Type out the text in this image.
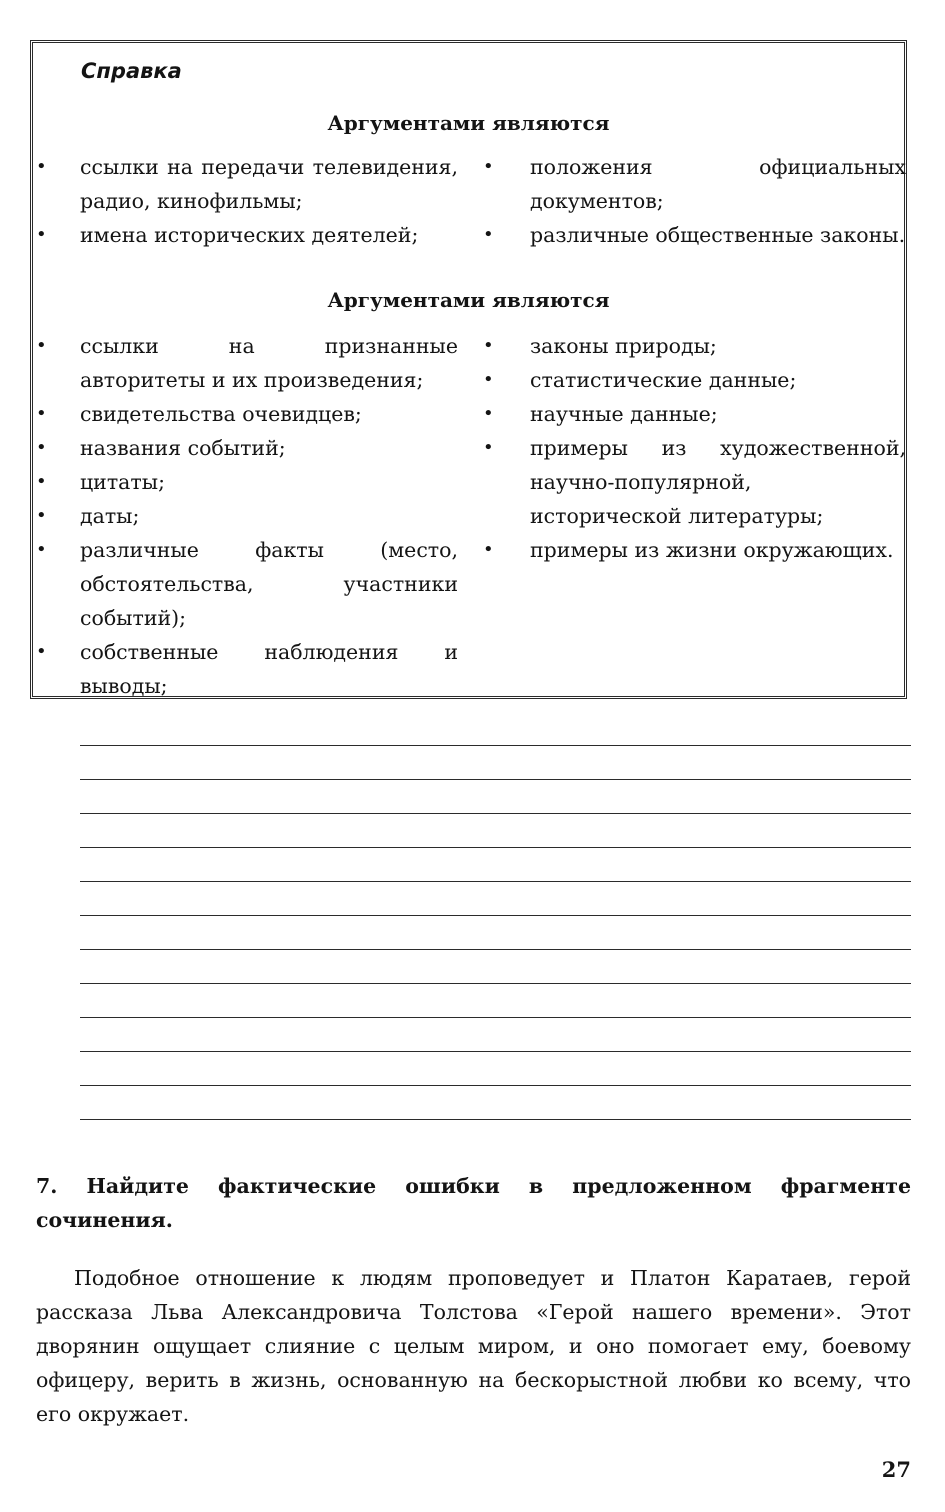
Справка
Аргументами являются
• ссылки на передачи телевидения, радио, кинофильмы;
• имена исторических деятелей;
• положения официальных документов;
• различные общественные законы.
Аргументами являются
• ссылки на признанные авторитеты и их произведения;
• свидетельства очевидцев;
• названия событий;
• цитаты;
• даты;
• различные факты (место, обстоятельства, участники событий);
• собственные наблюдения и выводы;
• законы природы;
• статистические данные;
• научные данные;
• примеры из художественной, научно-популярной, исторической литературы;
• примеры из жизни окружающих.
7. Найдите фактические ошибки в предложенном фрагменте сочинения.

Подобное отношение к людям проповедует и Платон Каратаев, герой рассказа Льва Александровича Толстова «Герой нашего времени». Этот дворянин ощущает слияние с целым миром, и оно помогает ему, боевому офицеру, верить в жизнь, основанную на бескорыстной любви ко всему, что его окружает.

27
